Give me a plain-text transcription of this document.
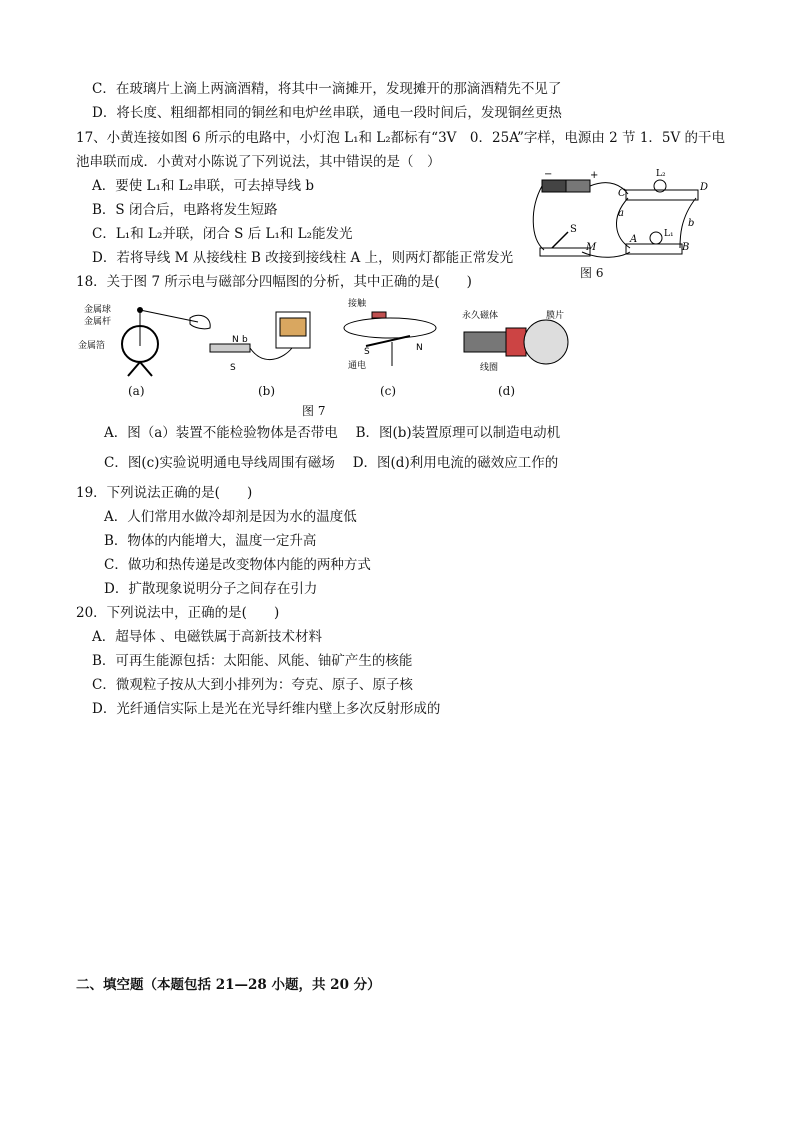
C．在玻璃片上滴上两滴酒精，将其中一滴摊开，发现摊开的那滴酒精先不见了
D．将长度、粗细都相同的铜丝和电炉丝串联，通电一段时间后，发现铜丝更热
17、小黄连接如图 6 所示的电路中，小灯泡 L₁和 L₂都标有“3V　0．25A”字样，电源由 2 节 1．5V 的干电
池串联而成．小黄对小陈说了下列说法，其中错误的是（　）
A．要使 L₁和 L₂串联，可去掉导线 b
B．S 闭合后，电路将发生短路
C．L₁和 L₂并联，闭合 S 后 L₁和 L₂能发光
D．若将导线 M 从接线柱 B 改接到接线柱 A 上，则两灯都能正常发光
−	+
C
D
L₂
L₁
S
M
A
B
a
b
图 6
18．关于图 7 所示电与磁部分四幅图的分析，其中正确的是(　　)
金属球
金属杆
金属箔
(a)
N b
S
(b)
接触
S	N
通电
(c)
永久磁体	膜片
线圈
(d)
图 7
A．图（a）装置不能检验物体是否带电　 B．图(b)装置原理可以制造电动机
C．图(c)实验说明通电导线周围有磁场　 D．图(d)利用电流的磁效应工作的
19．下列说法正确的是(　　)
A．人们常用水做冷却剂是因为水的温度低
B．物体的内能增大，温度一定升高
C．做功和热传递是改变物体内能的两种方式
D．扩散现象说明分子之间存在引力
20．下列说法中，正确的是(　　)
A．超导体 、电磁铁属于高新技术材料
B．可再生能源包括：太阳能、风能、铀矿产生的核能
C．微观粒子按从大到小排列为：夸克、原子、原子核
D．光纤通信实际上是光在光导纤维内壁上多次反射形成的
二、填空题（本题包括 21—28 小题，共 20 分）
